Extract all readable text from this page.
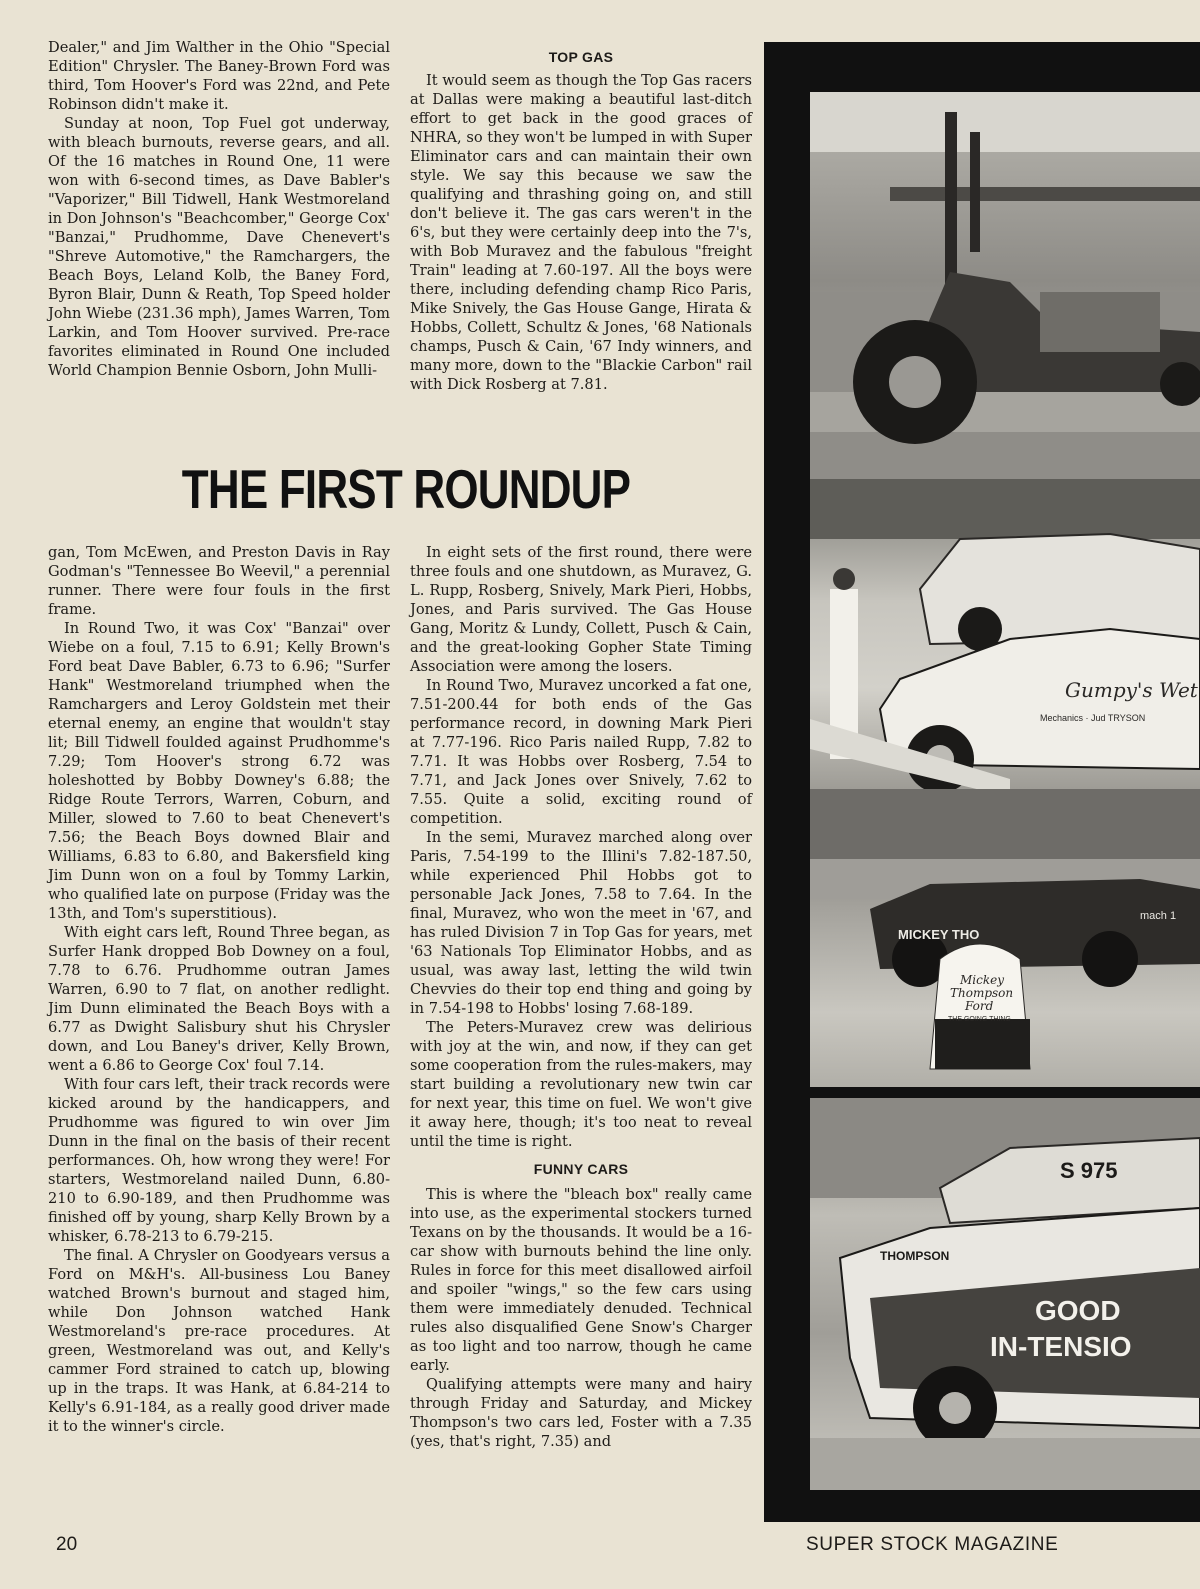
Dealer," and Jim Walther in the Ohio "Special Edition" Chrysler. The Baney-Brown Ford was third, Tom Hoover's Ford was 22nd, and Pete Robinson didn't make it.

Sunday at noon, Top Fuel got underway, with bleach burnouts, reverse gears, and all. Of the 16 matches in Round One, 11 were won with 6-second times, as Dave Babler's "Vaporizer," Bill Tidwell, Hank Westmoreland in Don Johnson's "Beachcomber," George Cox' "Banzai," Prudhomme, Dave Chenevert's "Shreve Automotive," the Ramchargers, the Beach Boys, Leland Kolb, the Baney Ford, Byron Blair, Dunn & Reath, Top Speed holder John Wiebe (231.36 mph), James Warren, Tom Larkin, and Tom Hoover survived. Pre-race favorites eliminated in Round One included World Champion Bennie Osborn, John Mulli-

TOP GAS

It would seem as though the Top Gas racers at Dallas were making a beautiful last-ditch effort to get back in the good graces of NHRA, so they won't be lumped in with Super Eliminator cars and can maintain their own style. We say this because we saw the qualifying and thrashing going on, and still don't believe it. The gas cars weren't in the 6's, but they were certainly deep into the 7's, with Bob Muravez and the fabulous "freight Train" leading at 7.60-197. All the boys were there, including defending champ Rico Paris, Mike Snively, the Gas House Gange, Hirata & Hobbs, Collett, Schultz & Jones, '68 Nationals champs, Pusch & Cain, '67 Indy winners, and many more, down to the "Blackie Carbon" rail with Dick Rosberg at 7.81.

THE FIRST ROUNDUP

gan, Tom McEwen, and Preston Davis in Ray Godman's "Tennessee Bo Weevil," a perennial runner. There were four fouls in the first frame.

In Round Two, it was Cox' "Banzai" over Wiebe on a foul, 7.15 to 6.91; Kelly Brown's Ford beat Dave Babler, 6.73 to 6.96; "Surfer Hank" Westmoreland triumphed when the Ramchargers and Leroy Goldstein met their eternal enemy, an engine that wouldn't stay lit; Bill Tidwell foulded against Prudhomme's 7.29; Tom Hoover's strong 6.72 was holeshotted by Bobby Downey's 6.88; the Ridge Route Terrors, Warren, Coburn, and Miller, slowed to 7.60 to beat Chenevert's 7.56; the Beach Boys downed Blair and Williams, 6.83 to 6.80, and Bakersfield king Jim Dunn won on a foul by Tommy Larkin, who qualified late on purpose (Friday was the 13th, and Tom's superstitious).

With eight cars left, Round Three began, as Surfer Hank dropped Bob Downey on a foul, 7.78 to 6.76. Prudhomme outran James Warren, 6.90 to 7 flat, on another redlight. Jim Dunn eliminated the Beach Boys with a 6.77 as Dwight Salisbury shut his Chrysler down, and Lou Baney's driver, Kelly Brown, went a 6.86 to George Cox' foul 7.14.

With four cars left, their track records were kicked around by the handicappers, and Prudhomme was figured to win over Jim Dunn in the final on the basis of their recent performances. Oh, how wrong they were! For starters, Westmoreland nailed Dunn, 6.80-210 to 6.90-189, and then Prudhomme was finished off by young, sharp Kelly Brown by a whisker, 6.78-213 to 6.79-215.

The final. A Chrysler on Goodyears versus a Ford on M&H's. All-business Lou Baney watched Brown's burnout and staged him, while Don Johnson watched Hank Westmoreland's pre-race procedures. At green, Westmoreland was out, and Kelly's cammer Ford strained to catch up, blowing up in the traps. It was Hank, at 6.84-214 to Kelly's 6.91-184, as a really good driver made it to the winner's circle.

In eight sets of the first round, there were three fouls and one shutdown, as Muravez, G. L. Rupp, Rosberg, Snively, Mark Pieri, Hobbs, Jones, and Paris survived. The Gas House Gang, Moritz & Lundy, Collett, Pusch & Cain, and the great-looking Gopher State Timing Association were among the losers.

In Round Two, Muravez uncorked a fat one, 7.51-200.44 for both ends of the Gas performance record, in downing Mark Pieri at 7.77-196. Rico Paris nailed Rupp, 7.82 to 7.71. It was Hobbs over Rosberg, 7.54 to 7.71, and Jack Jones over Snively, 7.62 to 7.55. Quite a solid, exciting round of competition.

In the semi, Muravez marched along over Paris, 7.54-199 to the Illini's 7.82-187.50, while experienced Phil Hobbs got to personable Jack Jones, 7.58 to 7.64. In the final, Muravez, who won the meet in '67, and has ruled Division 7 in Top Gas for years, met '63 Nationals Top Eliminator Hobbs, and as usual, was away last, letting the wild twin Chevvies do their top end thing and going by in 7.54-198 to Hobbs' losing 7.68-189.

The Peters-Muravez crew was delirious with joy at the win, and now, if they can get some cooperation from the rules-makers, may start building a revolutionary new twin car for next year, this time on fuel. We won't give it away here, though; it's too neat to reveal until the time is right.

FUNNY CARS

This is where the "bleach box" really came into use, as the experimental stockers turned Texans on by the thousands. It would be a 16-car show with burnouts behind the line only. Rules in force for this meet disallowed airfoil and spoiler "wings," so the few cars using them were immediately denuded. Technical rules also disqualified Gene Snow's Charger as too light and too narrow, though he came early.

Qualifying attempts were many and hairy through Friday and Saturday, and Mickey Thompson's two cars led, Foster with a 7.35 (yes, that's right, 7.35) and

Gumpy's Wet
Mechanics · Jud TRYSON
MICKEY THO
mach 1
Mickey
Thompson
Ford
THE GOING THING
THOMPSON
S 975
GOOD
IN-TENSIO
20	SUPER STOCK MAGAZINE
